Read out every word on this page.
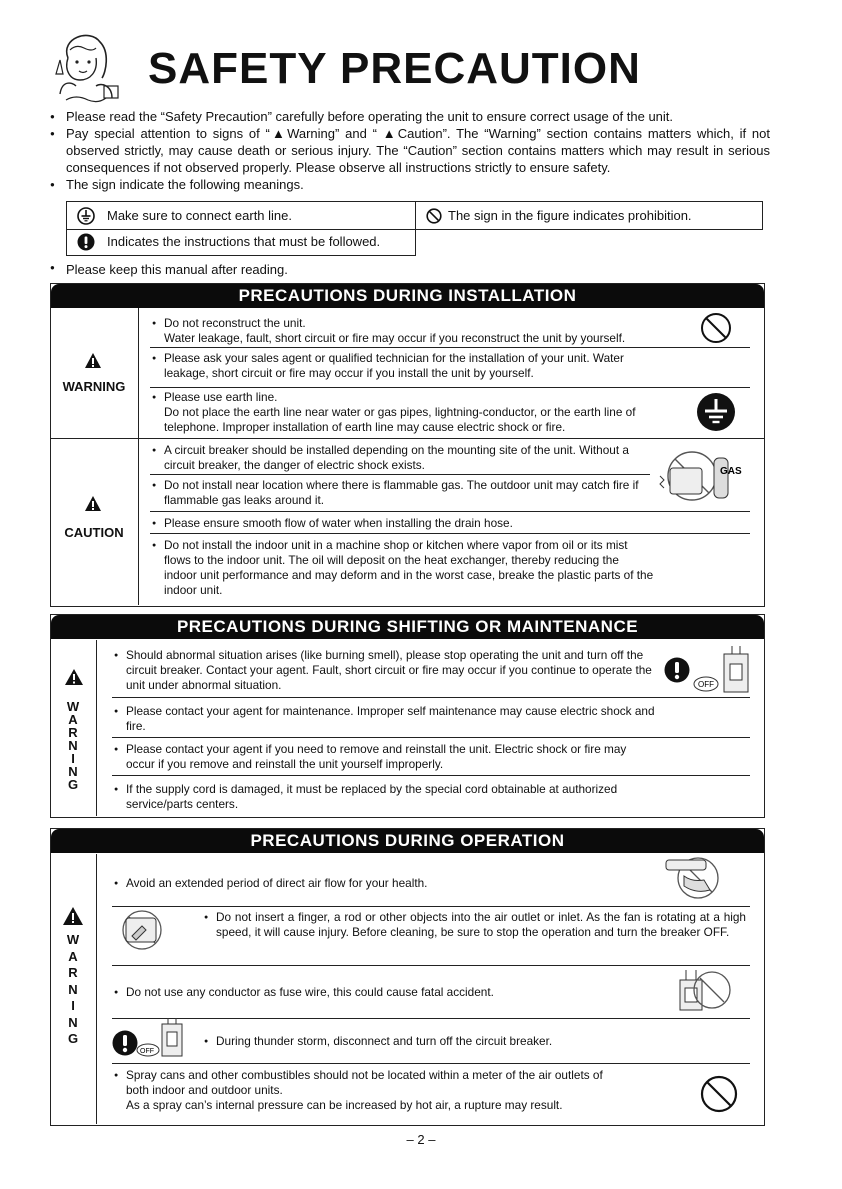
SAFETY PRECAUTION
● Please read the “Safety Precaution” carefully before operating the unit to ensure correct usage of the unit.
● Pay special attention to signs of “▲Warning” and “ ▲Caution”. The “Warning” section contains matters which, if not observed strictly, may cause death or serious injury. The “Caution” section contains matters which may result in serious consequences if not observed properly. Please observe all instructions strictly to ensure safety.
● The sign indicate the following meanings.
Make sure to connect earth line.	The sign in the figure indicates prohibition.
Indicates the instructions that must be followed.
● Please keep this manual after reading.
PRECAUTIONS DURING INSTALLATION
WARNING
CAUTION
● Do not reconstruct the unit.
Water leakage, fault, short circuit or fire may occur if you reconstruct the unit by yourself.
● Please ask your sales agent or qualified technician for the installation of your unit. Water leakage, short circuit or fire may occur if you install the unit by yourself.
● Please use earth line.
Do not place the earth line near water or gas pipes, lightning-conductor, or the earth line of telephone. Improper installation of earth line may cause electric shock or fire.
● A circuit breaker should be installed depending on the mounting site of the unit. Without a circuit breaker, the danger of electric shock exists.
● Do not install near location where there is flammable gas. The outdoor unit may catch fire if flammable gas leaks around it.
● Please ensure smooth flow of water when installing the drain hose.
● Do not install the indoor unit in a machine shop or kitchen where vapor from oil or its mist flows to the indoor unit. The oil will deposit on the heat exchanger, thereby reducing the indoor unit performance and may deform and in the worst case, breake the plastic parts of the indoor unit.
GAS
PRECAUTIONS DURING SHIFTING OR MAINTENANCE
W
A
R
N
I
N
G
● Should abnormal situation arises (like burning smell), please stop operating the unit and turn off the circuit breaker. Contact your agent. Fault, short circuit or fire may occur if you continue to operate the unit under abnormal situation.
● Please contact your agent for maintenance. Improper self maintenance may cause electric shock and fire.
● Please contact your agent if you need to remove and reinstall the unit. Electric shock or fire may occur if you remove and reinstall the unit yourself improperly.
● If the supply cord is damaged, it must be replaced by the special cord obtainable at authorized service/parts centers.
OFF
PRECAUTIONS DURING OPERATION
W
A
R
N
I
N
G
● Avoid an extended period of direct air flow for your health.
● Do not insert a finger, a rod or other objects into the air outlet or inlet. As the fan is rotating at a high speed, it will cause injury. Before cleaning, be sure to stop the operation and turn the breaker OFF.
● Do not use any conductor as fuse wire, this could cause fatal accident.
● During thunder storm, disconnect and turn off the circuit breaker.
● Spray cans and other combustibles should not be located within a meter of the air outlets of both indoor and outdoor units.
As a spray can’s internal pressure can be increased by hot air, a rupture may result.
OFF
– 2 –
